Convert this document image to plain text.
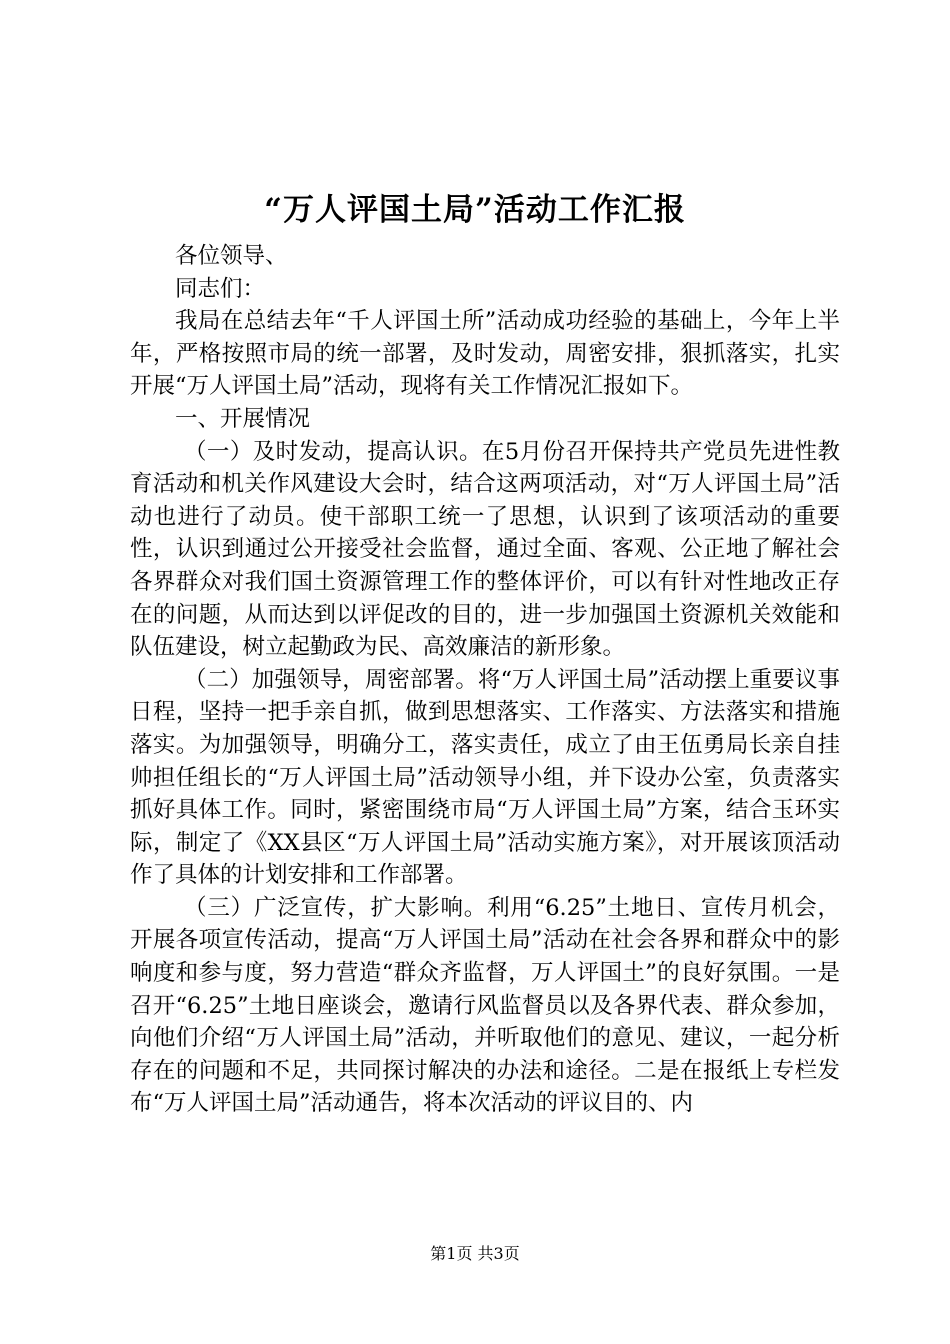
“万人评国土局”活动工作汇报

各位领导、

同志们：

我局在总结去年“千人评国土所”活动成功经验的基础上，今年上半年，严格按照市局的统一部署，及时发动，周密安排，狠抓落实，扎实开展“万人评国土局”活动，现将有关工作情况汇报如下。

一、开展情况

（一）及时发动，提高认识。在5月份召开保持共产党员先进性教育活动和机关作风建设大会时，结合这两项活动，对“万人评国土局”活动也进行了动员。使干部职工统一了思想，认识到了该项活动的重要性，认识到通过公开接受社会监督，通过全面、客观、公正地了解社会各界群众对我们国土资源管理工作的整体评价，可以有针对性地改正存在的问题，从而达到以评促改的目的，进一步加强国土资源机关效能和队伍建设，树立起勤政为民、高效廉洁的新形象。

（二）加强领导，周密部署。将“万人评国土局”活动摆上重要议事日程，坚持一把手亲自抓，做到思想落实、工作落实、方法落实和措施落实。为加强领导，明确分工，落实责任，成立了由王伍勇局长亲自挂帅担任组长的“万人评国土局”活动领导小组，并下设办公室，负责落实抓好具体工作。同时，紧密围绕市局“万人评国土局”方案，结合玉环实际，制定了《XX县区“万人评国土局”活动实施方案》，对开展该顶活动作了具体的计划安排和工作部署。

（三）广泛宣传，扩大影响。利用“6.25”土地日、宣传月机会，开展各项宣传活动，提高“万人评国土局”活动在社会各界和群众中的影响度和参与度，努力营造“群众齐监督，万人评国土”的良好氛围。一是召开“6.25”土地日座谈会，邀请行风监督员以及各界代表、群众参加，向他们介绍“万人评国土局”活动，并听取他们的意见、建议，一起分析存在的问题和不足，共同探讨解决的办法和途径。二是在报纸上专栏发布“万人评国土局”活动通告，将本次活动的评议目的、内

第1页 共3页
